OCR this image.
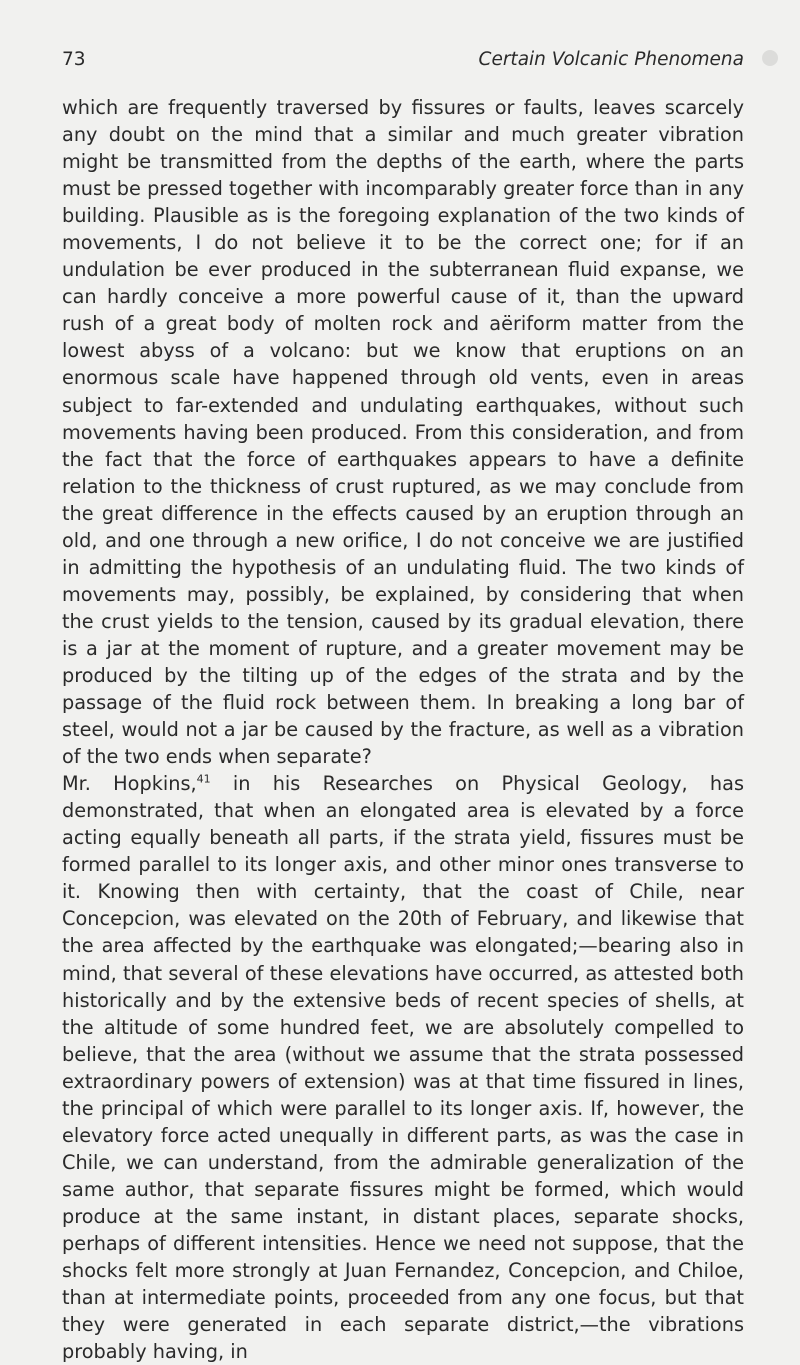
73	Certain Volcanic Phenomena

which are frequently traversed by fissures or faults, leaves scarcely any doubt on the mind that a similar and much greater vibration might be transmitted from the depths of the earth, where the parts must be pressed together with incomparably greater force than in any building. Plausible as is the foregoing explanation of the two kinds of movements, I do not believe it to be the correct one; for if an undulation be ever produced in the subterranean fluid expanse, we can hardly conceive a more powerful cause of it, than the upward rush of a great body of molten rock and aëriform matter from the lowest abyss of a volcano: but we know that eruptions on an enormous scale have happened through old vents, even in areas subject to far-extended and undulating earthquakes, without such movements having been produced. From this consideration, and from the fact that the force of earthquakes appears to have a definite relation to the thickness of crust ruptured, as we may conclude from the great difference in the effects caused by an eruption through an old, and one through a new orifice, I do not conceive we are justified in admitting the hypothesis of an undulating fluid. The two kinds of movements may, possibly, be explained, by considering that when the crust yields to the tension, caused by its gradual elevation, there is a jar at the moment of rupture, and a greater movement may be produced by the tilting up of the edges of the strata and by the passage of the fluid rock between them. In breaking a long bar of steel, would not a jar be caused by the fracture, as well as a vibration of the two ends when separate?

Mr. Hopkins,$^{41}$ in his Researches on Physical Geology, has demonstrated, that when an elongated area is elevated by a force acting equally beneath all parts, if the strata yield, fissures must be formed parallel to its longer axis, and other minor ones transverse to it. Knowing then with certainty, that the coast of Chile, near Concepcion, was elevated on the 20th of February, and likewise that the area affected by the earthquake was elongated;—bearing also in mind, that several of these elevations have occurred, as attested both historically and by the extensive beds of recent species of shells, at the altitude of some hundred feet, we are absolutely compelled to believe, that the area (without we assume that the strata possessed extraordinary powers of extension) was at that time fissured in lines, the principal of which were parallel to its longer axis. If, however, the elevatory force acted unequally in different parts, as was the case in Chile, we can understand, from the admirable generalization of the same author, that separate fissures might be formed, which would produce at the same instant, in distant places, separate shocks, perhaps of different intensities. Hence we need not suppose, that the shocks felt more strongly at Juan Fernandez, Concepcion, and Chiloe, than at intermediate points, proceeded from any one focus, but that they were generated in each separate district,—the vibrations probably having, in
